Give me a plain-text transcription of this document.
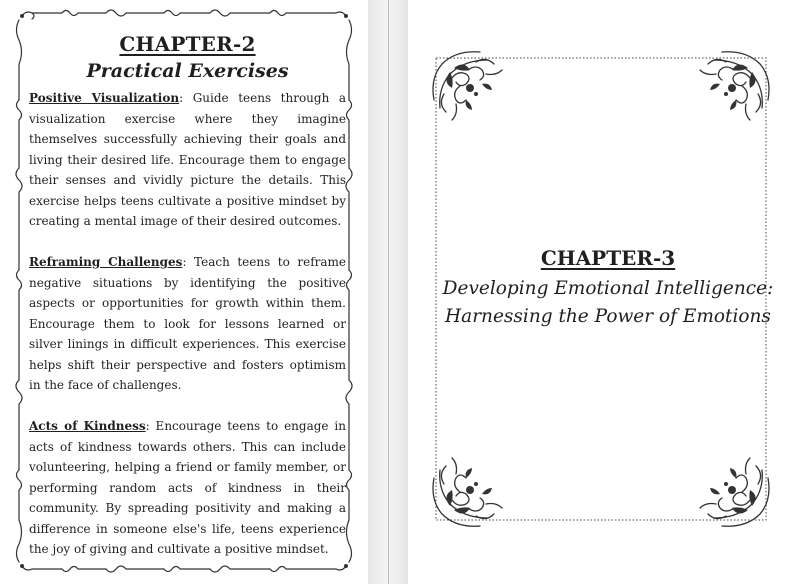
CHAPTER-2
Practical Exercises

Positive Visualization: Guide teens through a visualization exercise where they imagine themselves successfully achieving their goals and living their desired life. Encourage them to engage their senses and vividly picture the details. This exercise helps teens cultivate a positive mindset by creating a mental image of their desired outcomes.

Reframing Challenges: Teach teens to reframe negative situations by identifying the positive aspects or opportunities for growth within them. Encourage them to look for lessons learned or silver linings in difficult experiences. This exercise helps shift their perspective and fosters optimism in the face of challenges.

Acts of Kindness: Encourage teens to engage in acts of kindness towards others. This can include volunteering, helping a friend or family member, or performing random acts of kindness in their community. By spreading positivity and making a difference in someone else's life, teens experience the joy of giving and cultivate a positive mindset.

CHAPTER-3
Developing Emotional Intelligence:
Harnessing the Power of Emotions
